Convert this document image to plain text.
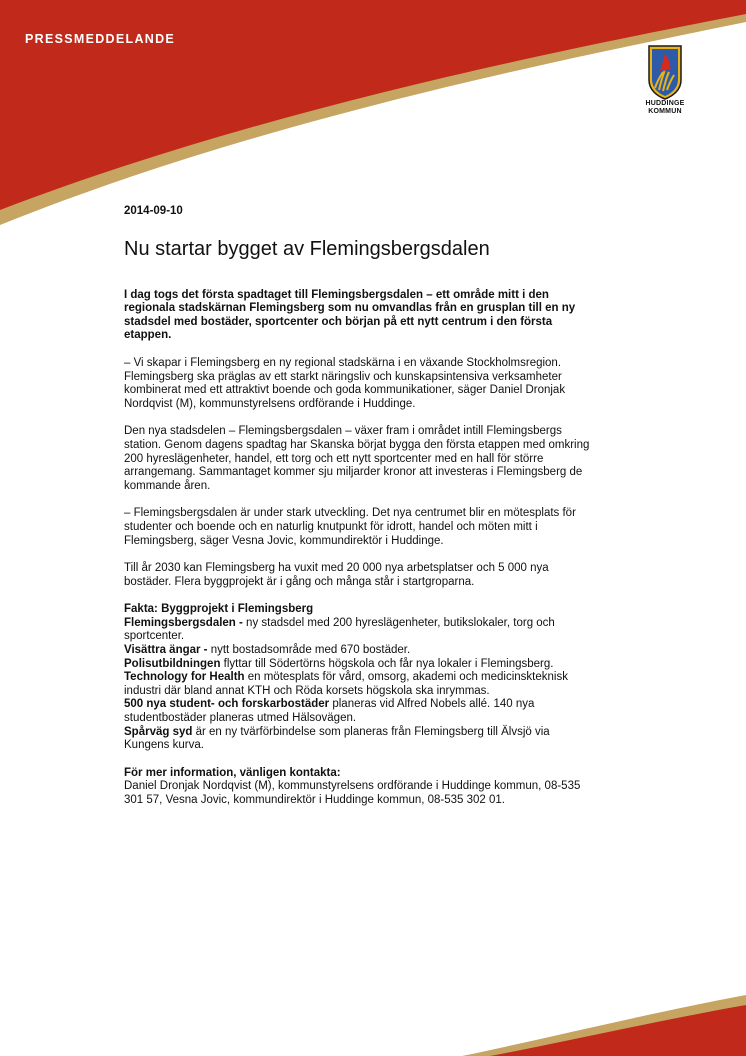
PRESSMEDDELANDE
HUDDINGE
KOMMUN

2014-09-10

Nu startar bygget av Flemingsbergsdalen

I dag togs det första spadtaget till Flemingsbergsdalen – ett område mitt i den regionala stadskärnan Flemingsberg som nu omvandlas från en grusplan till en ny stadsdel med bostäder, sportcenter och början på ett nytt centrum i den första etappen.

– Vi skapar i Flemingsberg en ny regional stadskärna i en växande Stockholmsregion. Flemingsberg ska präglas av ett starkt näringsliv och kunskapsintensiva verksamheter kombinerat med ett attraktivt boende och goda kommunikationer, säger Daniel Dronjak Nordqvist (M), kommunstyrelsens ordförande i Huddinge.

Den nya stadsdelen – Flemingsbergsdalen – växer fram i området intill Flemingsbergs station. Genom dagens spadtag har Skanska börjat bygga den första etappen med omkring 200 hyreslägenheter, handel, ett torg och ett nytt sportcenter med en hall för större arrangemang. Sammantaget kommer sju miljarder kronor att investeras i Flemingsberg de kommande åren.

– Flemingsbergsdalen är under stark utveckling. Det nya centrumet blir en mötesplats för studenter och boende och en naturlig knutpunkt för idrott, handel och möten mitt i Flemingsberg, säger Vesna Jovic, kommundirektör i Huddinge.

Till år 2030 kan Flemingsberg ha vuxit med 20 000 nya arbetsplatser och 5 000 nya bostäder. Flera byggprojekt är i gång och många står i startgroparna.

Fakta: Byggprojekt i Flemingsberg

Flemingsbergsdalen - ny stadsdel med 200 hyreslägenheter, butikslokaler, torg och sportcenter.

Visättra ängar - nytt bostadsområde med 670 bostäder.

Polisutbildningen flyttar till Södertörns högskola och får nya lokaler i Flemingsberg.

Technology for Health en mötesplats för vård, omsorg, akademi och medicinskteknisk industri där bland annat KTH och Röda korsets högskola ska inrymmas.

500 nya student- och forskarbostäder planeras vid Alfred Nobels allé. 140 nya studentbostäder planeras utmed Hälsovägen.

Spårväg syd är en ny tvärförbindelse som planeras från Flemingsberg till Älvsjö via Kungens kurva.

För mer information, vänligen kontakta:

Daniel Dronjak Nordqvist (M), kommunstyrelsens ordförande i Huddinge kommun, 08-535 301 57, Vesna Jovic, kommundirektör i Huddinge kommun, 08-535 302 01.
